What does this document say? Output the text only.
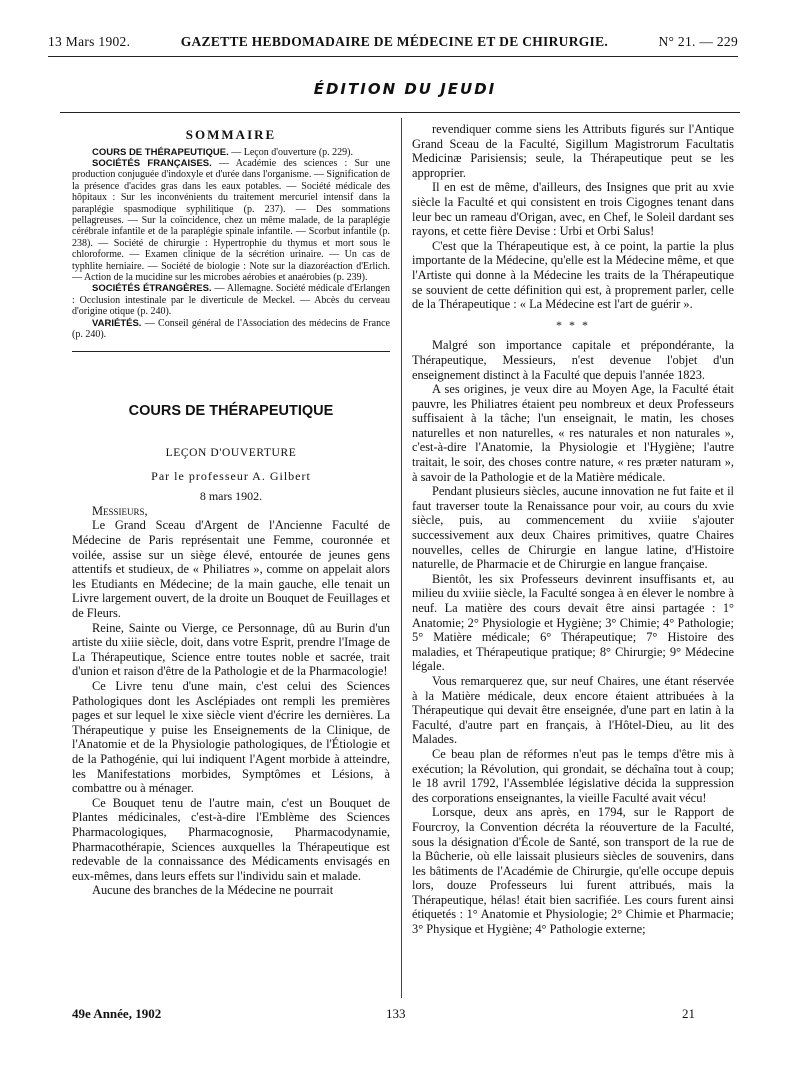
13 Mars 1902.	GAZETTE HEBDOMADAIRE DE MÉDECINE ET DE CHIRURGIE.	N° 21. — 229
ÉDITION DU JEUDI
SOMMAIRE

COURS DE THÉRAPEUTIQUE. — Leçon d'ouverture (p. 229).

SOCIÉTÉS FRANÇAISES. — Académie des sciences : Sur une production conjuguée d'indoxyle et d'urée dans l'organisme. — Signification de la présence d'acides gras dans les eaux potables. — Société médicale des hôpitaux : Sur les inconvénients du traitement mercuriel intensif dans la paraplégie spasmodique syphilitique (p. 237). — Des sommations pellagreuses. — Sur la coïncidence, chez un même malade, de la paraplégie cérébrale infantile et de la paraplégie spinale infantile. — Scorbut infantile (p. 238). — Société de chirurgie : Hypertrophie du thymus et mort sous le chloroforme. — Examen clinique de la sécrétion urinaire. — Un cas de typhlite herniaire. — Société de biologie : Note sur la diazoréaction d'Erlich. — Action de la mucidine sur les microbes aérobies et anaérobies (p. 239).

SOCIÉTÉS ÉTRANGÈRES. — Allemagne. Société médicale d'Erlangen : Occlusion intestinale par le diverticule de Meckel. — Abcès du cerveau d'origine otique (p. 240).

VARIÉTÉS. — Conseil général de l'Association des médecins de France (p. 240).

COURS DE THÉRAPEUTIQUE
LEÇON D'OUVERTURE
Par le professeur A. Gilbert
8 mars 1902.

Messieurs,

Le Grand Sceau d'Argent de l'Ancienne Faculté de Médecine de Paris représentait une Femme, couronnée et voilée, assise sur un siège élevé, entourée de jeunes gens attentifs et studieux, de « Philiatres », comme on appelait alors les Etudiants en Médecine; de la main gauche, elle tenait un Livre largement ouvert, de la droite un Bouquet de Feuillages et de Fleurs.

Reine, Sainte ou Vierge, ce Personnage, dû au Burin d'un artiste du xiiie siècle, doit, dans votre Esprit, prendre l'Image de La Thérapeutique, Science entre toutes noble et sacrée, trait d'union et raison d'être de la Pathologie et de la Pharmacologie!

Ce Livre tenu d'une main, c'est celui des Sciences Pathologiques dont les Asclépiades ont rempli les premières pages et sur lequel le xixe siècle vient d'écrire les dernières. La Thérapeutique y puise les Enseignements de la Clinique, de l'Anatomie et de la Physiologie pathologiques, de l'Étiologie et de la Pathogénie, qui lui indiquent l'Agent morbide à atteindre, les Manifestations morbides, Symptômes et Lésions, à combattre ou à ménager.

Ce Bouquet tenu de l'autre main, c'est un Bouquet de Plantes médicinales, c'est-à-dire l'Emblème des Sciences Pharmacologiques, Pharmacognosie, Pharmacodynamie, Pharmacothérapie, Sciences auxquelles la Thérapeutique est redevable de la connaissance des Médicaments envisagés en eux-mêmes, dans leurs effets sur l'individu sain et malade.

Aucune des branches de la Médecine ne pourrait

revendiquer comme siens les Attributs figurés sur l'Antique Grand Sceau de la Faculté, Sigillum Magistrorum Facultatis Medicinæ Parisiensis; seule, la Thérapeutique peut se les approprier.

Il en est de même, d'ailleurs, des Insignes que prit au xvie siècle la Faculté et qui consistent en trois Cigognes tenant dans leur bec un rameau d'Origan, avec, en Chef, le Soleil dardant ses rayons, et cette fière Devise : Urbi et Orbi Salus!

C'est que la Thérapeutique est, à ce point, la partie la plus importante de la Médecine, qu'elle est la Médecine même, et que l'Artiste qui donne à la Médecine les traits de la Thérapeutique se souvient de cette définition qui est, à proprement parler, celle de la Thérapeutique : « La Médecine est l'art de guérir ».

* * *

Malgré son importance capitale et prépondérante, la Thérapeutique, Messieurs, n'est devenue l'objet d'un enseignement distinct à la Faculté que depuis l'année 1823.

A ses origines, je veux dire au Moyen Age, la Faculté était pauvre, les Philiatres étaient peu nombreux et deux Professeurs suffisaient à la tâche; l'un enseignait, le matin, les choses naturelles et non naturelles, « res naturales et non naturales », c'est-à-dire l'Anatomie, la Physiologie et l'Hygiène; l'autre traitait, le soir, des choses contre nature, « res præter naturam », à savoir de la Pathologie et de la Matière médicale.

Pendant plusieurs siècles, aucune innovation ne fut faite et il faut traverser toute la Renaissance pour voir, au cours du xvie siècle, puis, au commencement du xviiie s'ajouter successivement aux deux Chaires primitives, quatre Chaires nouvelles, celles de Chirurgie en langue latine, d'Histoire naturelle, de Pharmacie et de Chirurgie en langue française.

Bientôt, les six Professeurs devinrent insuffisants et, au milieu du xviiie siècle, la Faculté songea à en élever le nombre à neuf. La matière des cours devait être ainsi partagée : 1° Anatomie; 2° Physiologie et Hygiène; 3° Chimie; 4° Pathologie; 5° Matière médicale; 6° Thérapeutique; 7° Histoire des maladies, et Thérapeutique pratique; 8° Chirurgie; 9° Médecine légale.

Vous remarquerez que, sur neuf Chaires, une étant réservée à la Matière médicale, deux encore étaient attribuées à la Thérapeutique qui devait être enseignée, d'une part en latin à la Faculté, d'autre part en français, à l'Hôtel-Dieu, au lit des Malades.

Ce beau plan de réformes n'eut pas le temps d'être mis à exécution; la Révolution, qui grondait, se déchaîna tout à coup; le 18 avril 1792, l'Assemblée législative décida la suppression des corporations enseignantes, la vieille Faculté avait vécu!

Lorsque, deux ans après, en 1794, sur le Rapport de Fourcroy, la Convention décréta la réouverture de la Faculté, sous la désignation d'École de Santé, son transport de la rue de la Bûcherie, où elle laissait plusieurs siècles de souvenirs, dans les bâtiments de l'Académie de Chirurgie, qu'elle occupe depuis lors, douze Professeurs lui furent attribués, mais la Thérapeutique, hélas! était bien sacrifiée. Les cours furent ainsi étiquetés : 1° Anatomie et Physiologie; 2° Chimie et Pharmacie; 3° Physique et Hygiène; 4° Pathologie externe;

49e Année, 1902	133	21
